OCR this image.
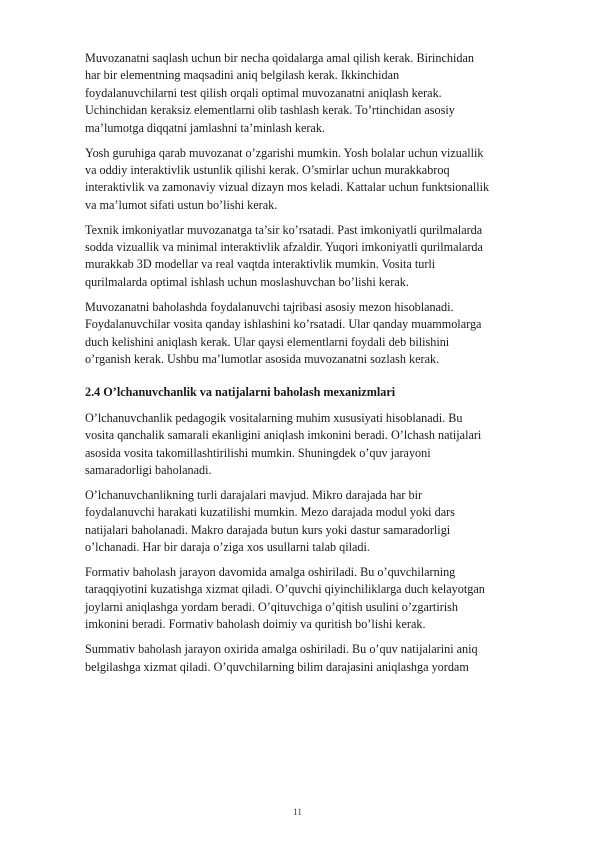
Muvozanatni saqlash uchun bir necha qoidalarga amal qilish kerak. Birinchidan
har bir elementning maqsadini aniq belgilash kerak. Ikkinchidan
foydalanuvchilarni test qilish orqali optimal muvozanatni aniqlash kerak.
Uchinchidan keraksiz elementlarni olib tashlash kerak. To’rtinchidan asosiy
ma’lumotga diqqatni jamlashni ta’minlash kerak.

Yosh guruhiga qarab muvozanat o’zgarishi mumkin. Yosh bolalar uchun vizuallik
va oddiy interaktivlik ustunlik qilishi kerak. O’smirlar uchun murakkabroq
interaktivlik va zamonaviy vizual dizayn mos keladi. Kattalar uchun funktsionallik
va ma’lumot sifati ustun bo’lishi kerak.

Texnik imkoniyatlar muvozanatga ta’sir ko’rsatadi. Past imkoniyatli qurilmalarda
sodda vizuallik va minimal interaktivlik afzaldir. Yuqori imkoniyatli qurilmalarda
murakkab 3D modellar va real vaqtda interaktivlik mumkin. Vosita turli
qurilmalarda optimal ishlash uchun moslashuvchan bo’lishi kerak.

Muvozanatni baholashda foydalanuvchi tajribasi asosiy mezon hisoblanadi.
Foydalanuvchilar vosita qanday ishlashini ko’rsatadi. Ular qanday muammolarga
duch kelishini aniqlash kerak. Ular qaysi elementlarni foydali deb bilishini
o’rganish kerak. Ushbu ma’lumotlar asosida muvozanatni sozlash kerak.

2.4 O’lchanuvchanlik va natijalarni baholash mexanizmlari

O’lchanuvchanlik pedagogik vositalarning muhim xususiyati hisoblanadi. Bu
vosita qanchalik samarali ekanligini aniqlash imkonini beradi. O’lchash natijalari
asosida vosita takomillashtirilishi mumkin. Shuningdek o’quv jarayoni
samaradorligi baholanadi.

O’lchanuvchanlikning turli darajalari mavjud. Mikro darajada har bir
foydalanuvchi harakati kuzatilishi mumkin. Mezo darajada modul yoki dars
natijalari baholanadi. Makro darajada butun kurs yoki dastur samaradorligi
o’lchanadi. Har bir daraja o’ziga xos usullarni talab qiladi.

Formativ baholash jarayon davomida amalga oshiriladi. Bu o’quvchilarning
taraqqiyotini kuzatishga xizmat qiladi. O’quvchi qiyinchiliklarga duch kelayotgan
joylarni aniqlashga yordam beradi. O’qituvchiga o’qitish usulini o’zgartirish
imkonini beradi. Formativ baholash doimiy va quritish bo’lishi kerak.

Summativ baholash jarayon oxirida amalga oshiriladi. Bu o’quv natijalarini aniq
belgilashga xizmat qiladi. O’quvchilarning bilim darajasini aniqlashga yordam

11
